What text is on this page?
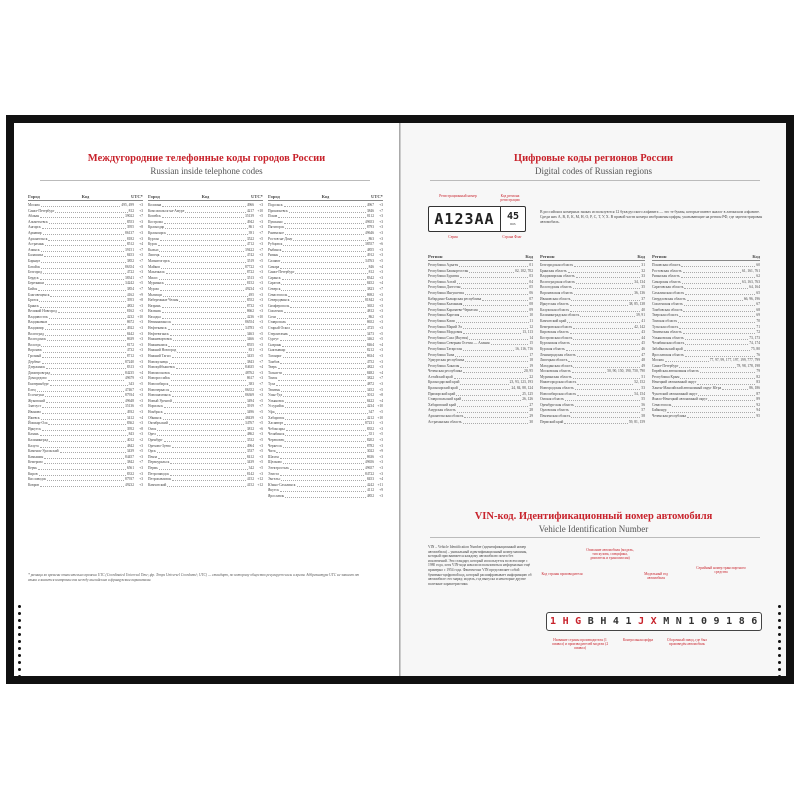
Междугородние телефонные коды городов России
Russian inside telephone codes
Город	Код	UTC*
Москва	495, 499	+3
Санкт-Петербург	812	+3
Абакан	39022	+7
Альметьевск	8553	+3
Ангарск	3955	+8
Армавир	86137	+3
Архангельск	8182	+3
Астрахань	8512	+4
Ачинск	39151	+7
Балашиха	8453	+3
Барнаул	3852	+7
Батайск	86354	+3
Белгород	4722	+3
Бердск	38341	+7
Березники	34242	+5
Бийск	3854	+7
Благовещенск	4162	+9
Братск	3953	+8
Брянск	4832	+3
Великий Новгород	8162	+3
Владивосток	4232 +10
Владикавказ	8672	+3
Владимир	4922	+3
Волгоград	8442	+3
Волгодонск	8639	+3
Вологда	8172	+3
Воронеж	4732	+3
Грозный	8712	+3
Дербент	87240	+3
Дзержинск	8313	+3
Димитровград	84235	+4
Домодедово	49679	+3
Екатеринбург	343	+5
Елец	47467	+3
Ессентуки	87934	+3
Жуковский	49648	+3
Златоуст	35136	+5
Иваново	4932	+3
Ижевск	3412	+4
Йошкар-Ола	8362	+3
Иркутск	3952	+8
Казань	843	+3
Калининград	4012	+2
Калуга	4842	+3
Каменск-Уральский	3439	+5
Камышин	84457	+3
Кемерово	3842	+7
Керчь	6561	+3
Киров	8332	+3
Кисловодск	87937	+3
Ковров	49232	+3
Город	Код	UTC*
Коломна	4966	+3
Комсомольск-на-Амуре	4217 +10
Копейск	35139	+5
Кострома	4942	+3
Краснодар	861	+3
Красноярск	391	+7
Курган	3522	+5
Курск	4712	+3
Кызыл	39422	+7
Липецк	4742	+3
Магнитогорск	3519	+5
Майкоп	87722	+3
Махачкала	8722	+3
Миасс	3513	+5
Мурманск	8152	+3
Муром	49234	+3
Мытищи	495	+3
Набережные Челны	8552	+3
Назрань	8732	+3
Нальчик	8662	+3
Находка	4236 +10
Невинномысск	86554	+3
Нефтекамск	34783	+5
Нефтеюганск	3463	+5
Нижневартовск	3466	+5
Нижнекамск	8555	+3
Нижний Новгород	831	+3
Нижний Тагил	3435	+5
Новокузнецк	3843	+7
Новокуйбышевск	84635	+4
Новомосковск	48762	+3
Новороссийск	8617	+3
Новосибирск	383	+7
Новочеркасск	86352	+3
Новошахтинск	86369	+3
Новый Уренгой	3494	+5
Норильск	3919	+7
Ноябрьск	3496	+5
Обнинск	48439	+3
Октябрьский	34767	+5
Омск	3812	+6
Орел	4862	+3
Оренбург	3532	+5
Орехово-Зуево	4964	+3
Орск	3537	+5
Пенза	8412	+3
Первоуральск	3439	+5
Пермь	342	+5
Петрозаводск	8142	+3
Петропавловск	4152 +12
Камчатский	4152 +12
Город	Код	UTC*
Подольск	4967	+3
Прокопьевск	3846	+7
Псков	8112	+3
Пушкино	49653	+3
Пятигорск	8793	+3
Раменское	49646	+3
Ростов-на-Дону	863	+3
Рубцовск	38557	+6
Рыбинск	4855	+3
Рязань	4912	+3
Салават	34763	+5
Самара	846	+4
Санкт-Петербург	812	+3
Саранск	8342	+3
Саратов	8452	+4
Северск	3823	+7
Севастополь	8692	+3
Северодвинск	81842	+3
Симферополь	3652	+3
Смоленск	4812	+3
Сочи	862	+3
Ставрополь	8652	+3
Старый Оскол	4725	+3
Стерлитамак	3473	+5
Сургут	3462	+5
Сызрань	8464	+4
Сыктывкар	8212	+3
Таганрог	8634	+3
Тамбов	4752	+3
Тверь	4822	+3
Тольятти	8482	+4
Томск	3822	+7
Тула	4872	+3
Тюмень	3452	+5
Улан-Удэ	3012	+8
Ульяновск	8422	+4
Уссурийск	4234 +10
Уфа	347	+5
Хабаровск	4212 +10
Хасавюрт	87231	+3
Чебоксары	8352	+3
Челябинск	351	+5
Череповец	8202	+3
Черкесск	8782	+3
Чита	3022	+9
Шахты	8636	+3
Щелково	49656	+3
Электросталь	49657	+3
Элиста	84722	+3
Энгельс	8453	+4
Южно-Сахалинск	4242 +11
Якутск	4112	+9
Ярославль	4852	+3
* разница во времени относительно времени UTC (Coordinated Universal Time; фр. Temps Universel Coordonné; UTC) — стандарт, по которому общество регулирует часы и время. Аббревиатура UTC не зависит от языка и является компромиссом между английским и французским вариантами.
Цифровые коды регионов России
Digital codes of Russian regions
Регистрационный номер	Код региона регистрации
А123АА	45
RUS
Серия	Страна Флаг
В российских номерных знаках используются 12 букв русского алфавита — это те буквы, которые имеют аналог в латинском алфавите. Среди них А, В, Е, К, М, Н, О, Р, С, Т, У, Х. В правой части номера изображены цифры, указывающие на регион РФ, где зарегистрирован автомобиль.
Регион	Код
Республика Адыгея	01
Республика Башкортостан	02, 102, 702
Республика Бурятия	03
Республика Алтай	04
Республика Дагестан	05
Республика Ингушетия	06
Кабардино-Балкарская республика	07
Республика Калмыкия	08
Республика Карачаево-Черкесия	09
Республика Карелия	10
Республика Коми	11
Республика Марий Эл	12
Республика Мордовия	13, 113
Республика Саха (Якутия)	14
Республика Северная Осетия — Алания	15
Республика Татарстан	16, 116, 716
Республика Тыва	17
Удмуртская республика	18
Республика Хакасия	19
Чеченская республика	20, 95
Алтайский край	22
Краснодарский край	23, 93, 123, 193
Красноярский край	24, 84, 88, 124
Приморский край	25, 125
Ставропольский край	26, 126
Хабаровский край	27
Амурская область	28
Архангельская область	29
Астраханская область	30
Регион	Код
Белгородская область	31
Брянская область	32
Владимирская область	33
Волгоградская область	34, 134
Вологодская область	35
Воронежская область	36, 136
Ивановская область	37
Иркутская область	38, 85, 138
Калужская область	40
Калининградская область	39, 91
Камчатский край	41
Кемеровская область	42, 142
Кировская область	43
Костромская область	44
Курганская область	45
Курская область	46
Ленинградская область	47
Липецкая область	48
Магаданская область	49
Московская область	50, 90, 150, 190, 750, 790
Мурманская область	51
Нижегородская область	52, 152
Новгородская область	53
Новосибирская область	54, 154
Омская область	55
Оренбургская область	56
Орловская область	57
Пензенская область	58
Пермский край	59, 81, 159
Регион	Код
Псковская область	60
Ростовская область	61, 161, 761
Рязанская область	62
Самарская область	63, 163, 763
Саратовская область	64, 164
Сахалинская область	65
Свердловская область	66, 96, 196
Смоленская область	67
Тамбовская область	68
Тверская область	69
Томская область	70
Тульская область	71
Тюменская область	72
Ульяновская область	73, 173
Челябинская область	74, 174
Забайкальский край	75, 80
Ярославская область	76
Москва	77, 97, 99, 177, 197, 199, 777, 799
Санкт-Петербург	78, 98, 178, 198
Еврейская автономная область	79
Республика Крым	82
Ненецкий автономный округ	83
Ханты-Мансийский автономный округ Югра	86, 186
Чукотский автономный округ	87
Ямало-Ненецкий автономный округ	89
Севастополь	92
Байконур	94
Чеченская республика	95
VIN-код. Идентификационный номер автомобиля
Vehicle Identification Number
VIN – Vehicle Identification Number (идентификационный номер автомобиля) – уникальный идентификационный номер машины, который присваивается каждому автомобилю почти без исключений. Эти стандарт, который используется во всем мире с 1980 года, хотя VIN-кода начали использоваться неформально ещё примерно с 1954 года. Фактически VIN представляет собой буквенно-цифровой код, который расшифровывает информацию об автомобиле: его марку, модель, год выпуска и некоторые другие полезные характеристики.
Описание автомобиля (модель, тип кузова, специфика, двигатель и трансмиссия)
Модельный год автомобиля
Серийный номер транспортного средства
Код страны производителя
1 H G B H 4 1 J X M N 1 0 9 1 8 6
Название страны производителя (1 символ) и производителей модели (2 символ)
Контрольная цифра	Сборочный завод, где был произведён автомобиль
